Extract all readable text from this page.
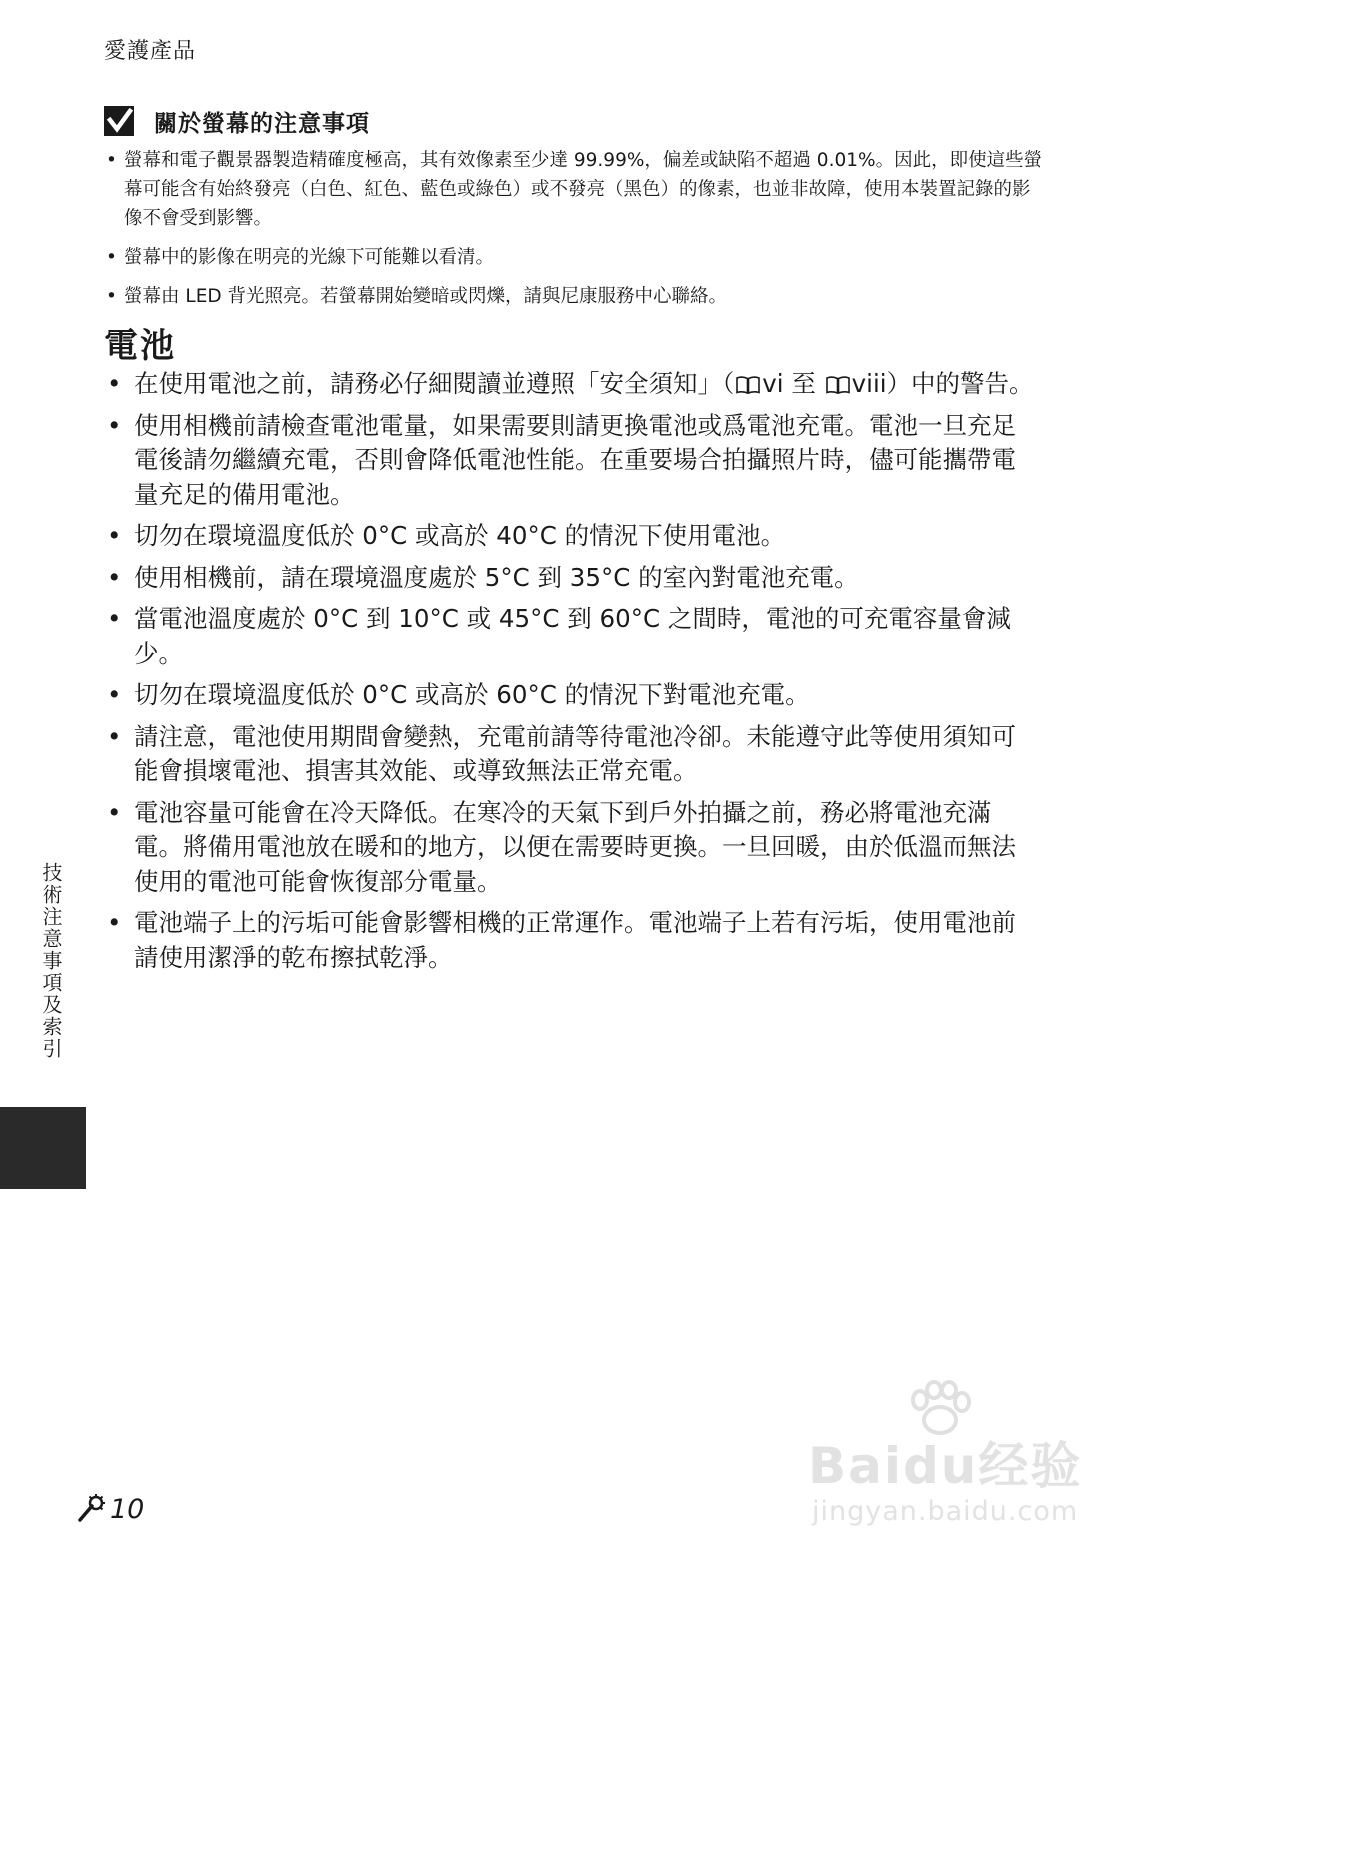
愛護產品
關於螢幕的注意事項
• 螢幕和電子觀景器製造精確度極高，其有效像素至少達 99.99%，偏差或缺陷不超過 0.01%。因此，即使這些螢幕可能含有始終發亮（白色、紅色、藍色或綠色）或不發亮（黑色）的像素，也並非故障，使用本裝置記錄的影像不會受到影響。
• 螢幕中的影像在明亮的光線下可能難以看清。
• 螢幕由 LED 背光照亮。若螢幕開始變暗或閃爍，請與尼康服務中心聯絡。
電池
• 在使用電池之前，請務必仔細閱讀並遵照「安全須知」（ vi 至 viii）中的警告。
• 使用相機前請檢查電池電量，如果需要則請更換電池或爲電池充電。電池一旦充足電後請勿繼續充電，否則會降低電池性能。在重要場合拍攝照片時，儘可能攜帶電量充足的備用電池。
• 切勿在環境溫度低於 0°C 或高於 40°C 的情況下使用電池。
• 使用相機前，請在環境溫度處於 5°C 到 35°C 的室內對電池充電。
• 當電池溫度處於 0°C 到 10°C 或 45°C 到 60°C 之間時，電池的可充電容量會減少。
• 切勿在環境溫度低於 0°C 或高於 60°C 的情況下對電池充電。
• 請注意，電池使用期間會變熱，充電前請等待電池冷卻。未能遵守此等使用須知可能會損壞電池、損害其效能、或導致無法正常充電。
• 電池容量可能會在冷天降低。在寒冷的天氣下到戶外拍攝之前，務必將電池充滿電。將備用電池放在暖和的地方，以便在需要時更換。一旦回暖，由於低溫而無法使用的電池可能會恢復部分電量。
• 電池端子上的污垢可能會影響相機的正常運作。電池端子上若有污垢，使用電池前請使用潔淨的乾布擦拭乾淨。
技術注意事項及索引
10
Baidu经验
jingyan.baidu.com
